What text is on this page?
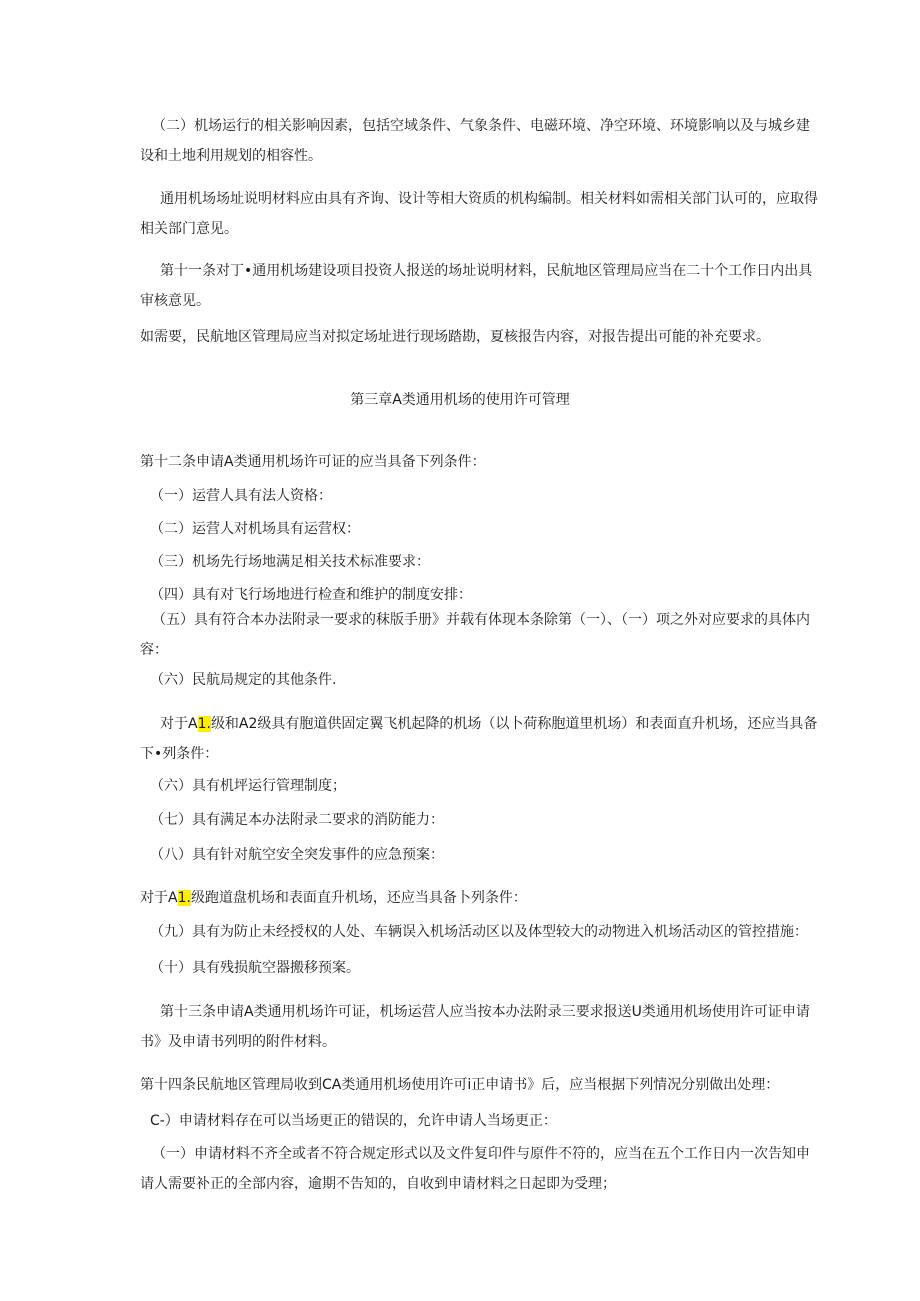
（二）机场运行的相关影响因素，包括空域条件、气象条件、电磁环境、净空环境、环境影响以及与城乡建设和土地利用规划的相容性。
通用机场场址说明材料应由具有齐询、设计等相大资质的机构编制。相关材料如需相关部门认可的，应取得相关部门意见。
第十一条对丁•通用机场建设项目投资人报送的场址说明材料，民航地区管理局应当在二十个工作日内出具审核意见。
如需要，民航地区管理局应当对拟定场址进行现场踏勘，夏核报告内容，对报告提出可能的补充要求。
第三章A类通用机场的使用许可管理
第十二条申请A类通用机场许可证的应当具备下列条件：
（一）运营人具有法人资格：
（二）运营人对机场具有运营权：
（三）机场先行场地满足相关技术标准要求：
（四）具有对飞行场地进行检查和维护的制度安排：
（五）具有符合本办法附录一要求的秣版手册》并载有体现本条除第（一）、（一）项之外对应要求的具体内容：
（六）民航局规定的其他条件.
对于A1.级和A2级具有胞道供固定翼飞机起降的机场（以卜荷称胞道里机场）和表面直升机场，还应当具备下•列条件：
（六）具有机坪运行管理制度；
（七）具有满足本办法附录二要求的消防能力：
（八）具有针对航空安全突发事件的应急预案：
对于A1.级跑道盘机场和表面直升机场，还应当具备卜列条件：
（九）具有为防止未经授权的人处、车辆误入机场活动区以及体型较大的动物进入机场活动区的管控措施：
（十）具有残损航空器搬移预案。
第十三条申请A类通用机场许可证，机场运营人应当按本办法附录三要求报送U类通用机场使用许可证申请书》及申请书列明的附件材料。
第十四条民航地区管理局收到CA类通用机场使用许可i正申请书》后，应当根据下列情况分别做出处理：
C-）申请材料存在可以当场更正的错误的，允许申请人当场更正：
（一）申请材料不齐全或者不符合规定形式以及文件复印件与原件不符的，应当在五个工作日内一次告知申请人需要补正的全部内容，逾期不告知的，自收到申请材料之日起即为受理；
